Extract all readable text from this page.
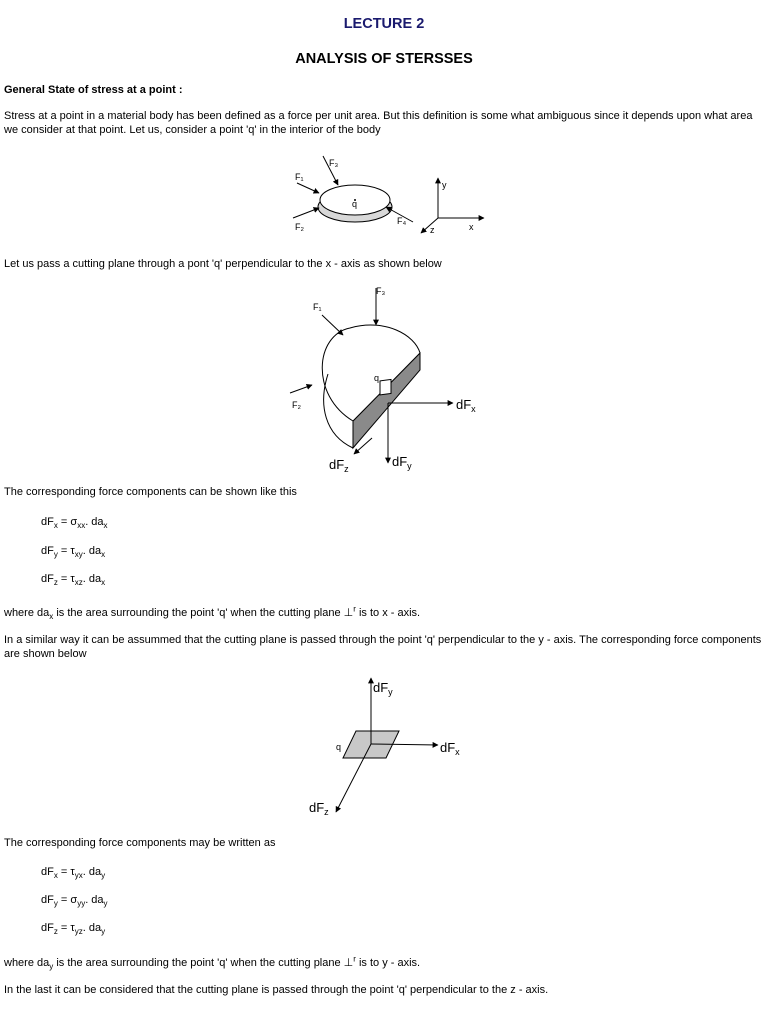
LECTURE 2
ANALYSIS OF STERSSES
General State of stress at a point :
Stress at a point in a material body has been defined as a force per unit area. But this definition is some what ambiguous since it depends upon what area we consider at that point. Let us, consider a point 'q' in the interior of the body
q
F₃
F₁
F₂
F₄
y
x
z
Let us pass a cutting plane through a pont 'q' perpendicular to the x - axis as shown below
F₃
F₁
F₂
q
$dF_x$
$dF_y$
$dF_z$
The corresponding force components can be shown like this
$dF_x = \sigma_{xx}$. $da_x$
$dF_y = \tau_{xy}$. $da_x$
$dF_z = \tau_{xz}$. $da_x$
where $da_x$ is the area surrounding the point 'q' when the cutting plane ⊥$^r$ is to x - axis.
In a similar way it can be assummed that the cutting plane is passed through the point 'q' perpendicular to the y - axis. The corresponding force components are shown below
$dF_y$
$dF_x$
$dF_z$
q
The corresponding force components may be written as
$dF_x = \tau_{yx}$. $da_y$
$dF_y = \sigma_{yy}$. $da_y$
$dF_z = \tau_{yz}$. $da_y$
where $da_y$ is the area surrounding the point 'q' when the cutting plane ⊥$^r$ is to y - axis.
In the last it can be considered that the cutting plane is passed through the point 'q' perpendicular to the z - axis.
